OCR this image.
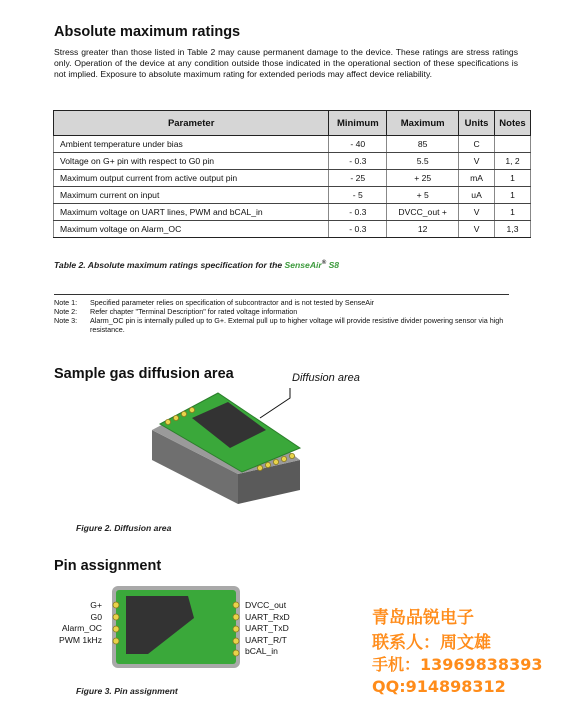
Absolute maximum ratings

Stress greater than those listed in Table 2 may cause permanent damage to the device. These ratings are stress ratings only. Operation of the device at any condition outside those indicated in the operational section of these specifications is not implied. Exposure to absolute maximum rating for extended periods may affect device reliability.

Parameter	Minimum	Maximum	Units	Notes
Ambient temperature under bias	- 40	85	C	
Voltage on G+ pin with respect to G0 pin	- 0.3	5.5	V	1, 2
Maximum output current from active output pin	- 25	+ 25	mA	1
Maximum current on input	- 5	+ 5	uA	1
Maximum voltage on UART lines, PWM and bCAL_in	- 0.3	DVCC_out +	V	1
Maximum voltage on Alarm_OC	- 0.3	12	V	1,3
Table 2. Absolute maximum ratings specification for the SenseAir® S8
Note 1:	Specified parameter relies on specification of subcontractor and is not tested by SenseAir
Note 2:	Refer chapter "Terminal Description" for rated voltage information
Note 3:	Alarm_OC pin is internally pulled up to G+. External pull up to higher voltage will provide resistive divider powering sensor via high resistance.
Sample gas diffusion area	Diffusion area
Figure 2. Diffusion area
Pin assignment
G+
G0
Alarm_OC
PWM 1kHz
DVCC_out
UART_RxD
UART_TxD
UART_R/T
bCAL_in
Figure 3. Pin assignment
青岛品锐电子
联系人：周文雄
手机：13969838393
QQ:914898312
